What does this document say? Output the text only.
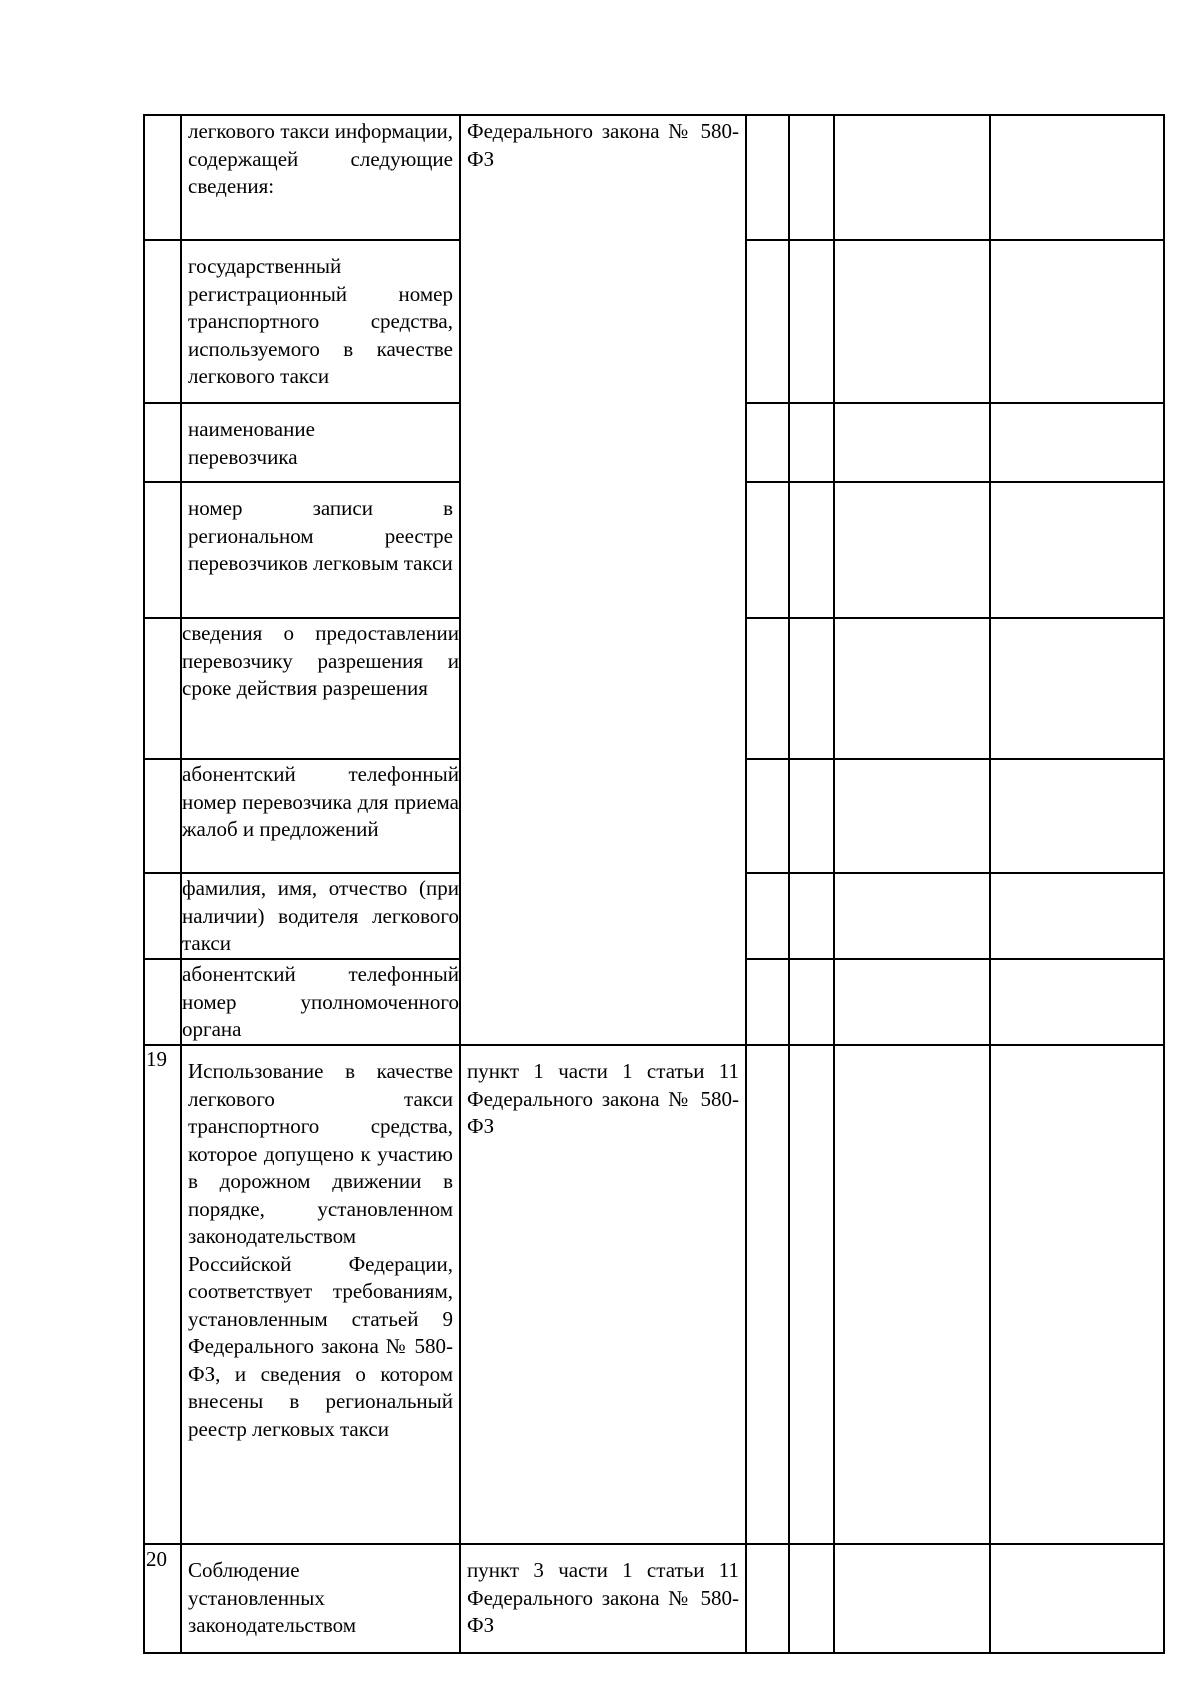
легкового такси информации, содержащей следующие сведения:
государственный регистрационный номер транспортного средства, используемого в качестве легкового такси
наименование перевозчика
номер записи в региональном реестре перевозчиков легковым такси
сведения о предоставлении перевозчику разрешения и сроке действия разрешения
абонентский телефонный номер перевозчика для приема жалоб и предложений
фамилия, имя, отчество (при наличии) водителя легкового такси
абонентский телефонный номер уполномоченного органа
Использование в качестве легкового такси транспортного средства, которое допущено к участию в дорожном движении в порядке, установленном законодательством Российской Федерации, соответствует требованиям, установленным статьей 9 Федерального закона № 580-ФЗ, и сведения о котором внесены в региональный реестр легковых такси
Соблюдение установленных законодательством
19
20
Федерального закона № 580-ФЗ
пункт 1 части 1 статьи 11 Федерального закона № 580-ФЗ
пункт 3 части 1 статьи 11 Федерального закона № 580-ФЗ
